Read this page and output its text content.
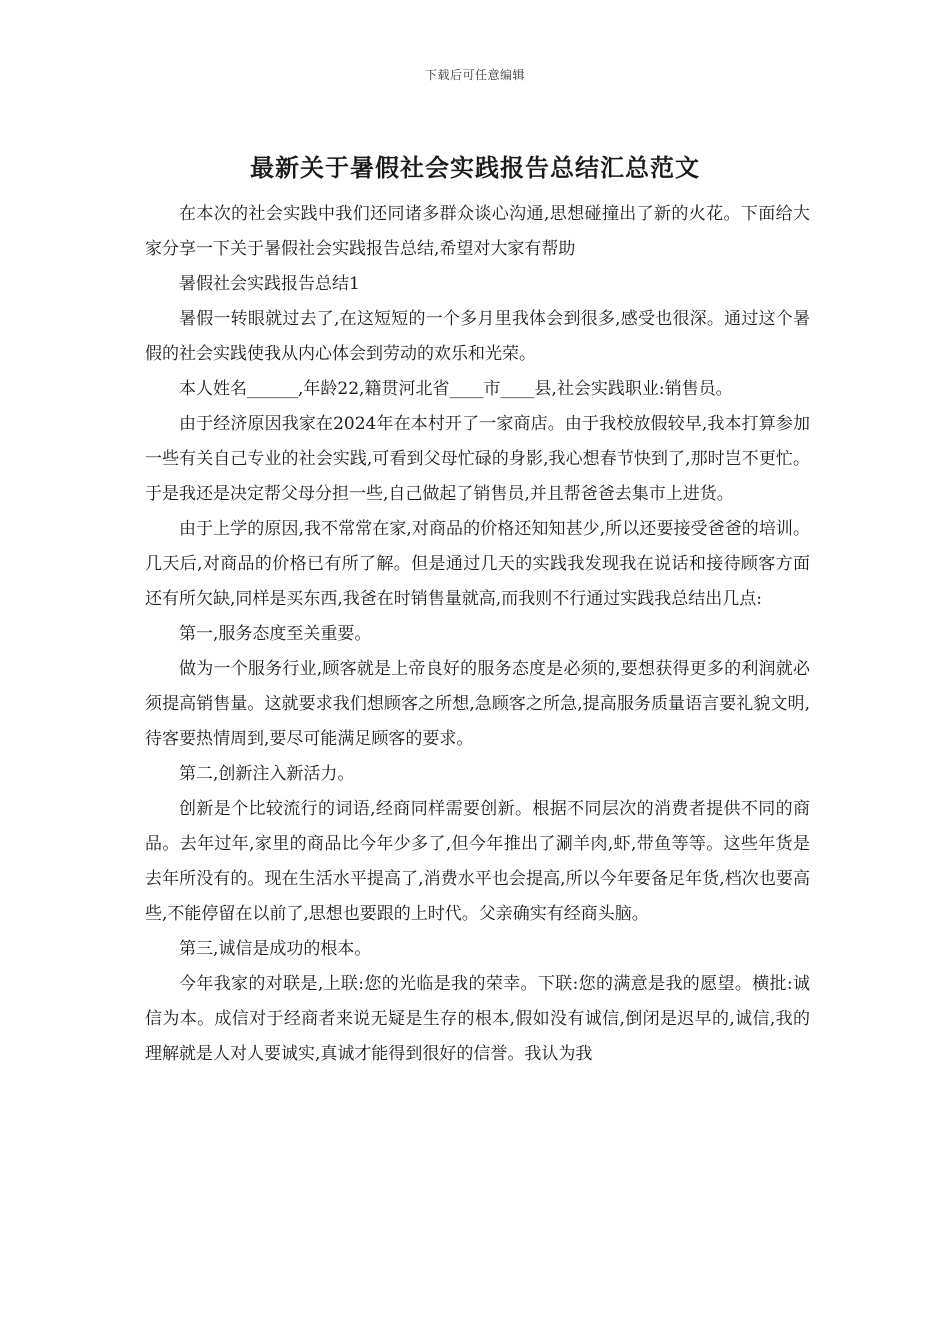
下载后可任意编辑
最新关于暑假社会实践报告总结汇总范文

在本次的社会实践中我们还同诸多群众谈心沟通,思想碰撞出了新的火花。下面给大家分享一下关于暑假社会实践报告总结,希望对大家有帮助

暑假社会实践报告总结1

暑假一转眼就过去了,在这短短的一个多月里我体会到很多,感受也很深。通过这个暑假的社会实践使我从内心体会到劳动的欢乐和光荣。

本人姓名______,年龄22,籍贯河北省____市____县,社会实践职业:销售员。

由于经济原因我家在2024年在本村开了一家商店。由于我校放假较早,我本打算参加一些有关自己专业的社会实践,可看到父母忙碌的身影,我心想春节快到了,那时岂不更忙。于是我还是决定帮父母分担一些,自己做起了销售员,并且帮爸爸去集市上进货。

由于上学的原因,我不常常在家,对商品的价格还知知甚少,所以还要接受爸爸的培训。几天后,对商品的价格已有所了解。但是通过几天的实践我发现我在说话和接待顾客方面还有所欠缺,同样是买东西,我爸在时销售量就高,而我则不行通过实践我总结出几点:

第一,服务态度至关重要。

做为一个服务行业,顾客就是上帝良好的服务态度是必须的,要想获得更多的利润就必须提高销售量。这就要求我们想顾客之所想,急顾客之所急,提高服务质量语言要礼貌文明,待客要热情周到,要尽可能满足顾客的要求。

第二,创新注入新活力。

创新是个比较流行的词语,经商同样需要创新。根据不同层次的消费者提供不同的商品。去年过年,家里的商品比今年少多了,但今年推出了涮羊肉,虾,带鱼等等。这些年货是去年所没有的。现在生活水平提高了,消费水平也会提高,所以今年要备足年货,档次也要高些,不能停留在以前了,思想也要跟的上时代。父亲确实有经商头脑。

第三,诚信是成功的根本。

今年我家的对联是,上联:您的光临是我的荣幸。下联:您的满意是我的愿望。横批:诚信为本。成信对于经商者来说无疑是生存的根本,假如没有诚信,倒闭是迟早的,诚信,我的理解就是人对人要诚实,真诚才能得到很好的信誉。我认为我
